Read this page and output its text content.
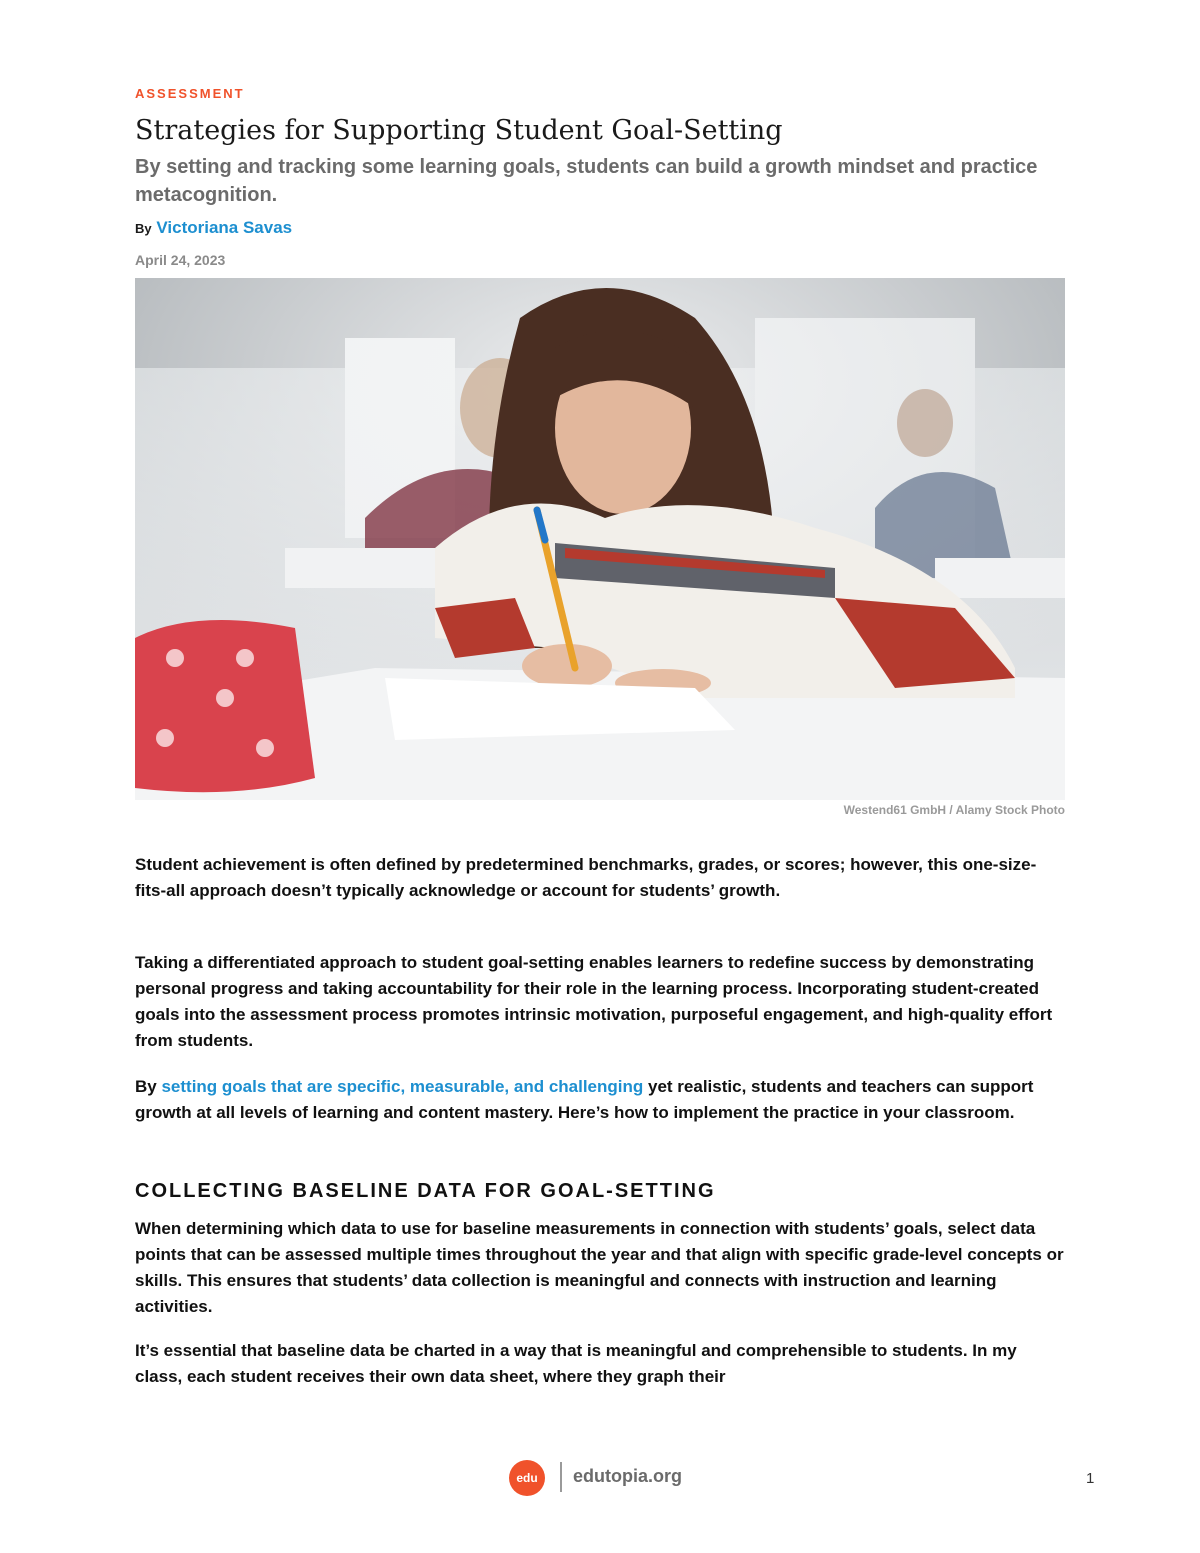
ASSESSMENT
Strategies for Supporting Student Goal-Setting

By setting and tracking some learning goals, students can build a growth mindset and practice metacognition.

By Victoriana Savas
April 24, 2023
Westend61 GmbH / Alamy Stock Photo

Student achievement is often defined by predetermined benchmarks, grades, or scores; however, this one-size-fits-all approach doesn’t typically acknowledge or account for students’ growth.

Taking a differentiated approach to student goal-setting enables learners to redefine success by demonstrating personal progress and taking accountability for their role in the learning process. Incorporating student-created goals into the assessment process promotes intrinsic motivation, purposeful engagement, and high-quality effort from students.

By setting goals that are specific, measurable, and challenging yet realistic, students and teachers can support growth at all levels of learning and content mastery. Here’s how to implement the practice in your classroom.

COLLECTING BASELINE DATA FOR GOAL-SETTING

When determining which data to use for baseline measurements in connection with students’ goals, select data points that can be assessed multiple times throughout the year and that align with specific grade-level concepts or skills. This ensures that students’ data collection is meaningful and connects with instruction and learning activities.

It’s essential that baseline data be charted in a way that is meaningful and comprehensible to students. In my class, each student receives their own data sheet, where they graph their

edu	edutopia.org	1
